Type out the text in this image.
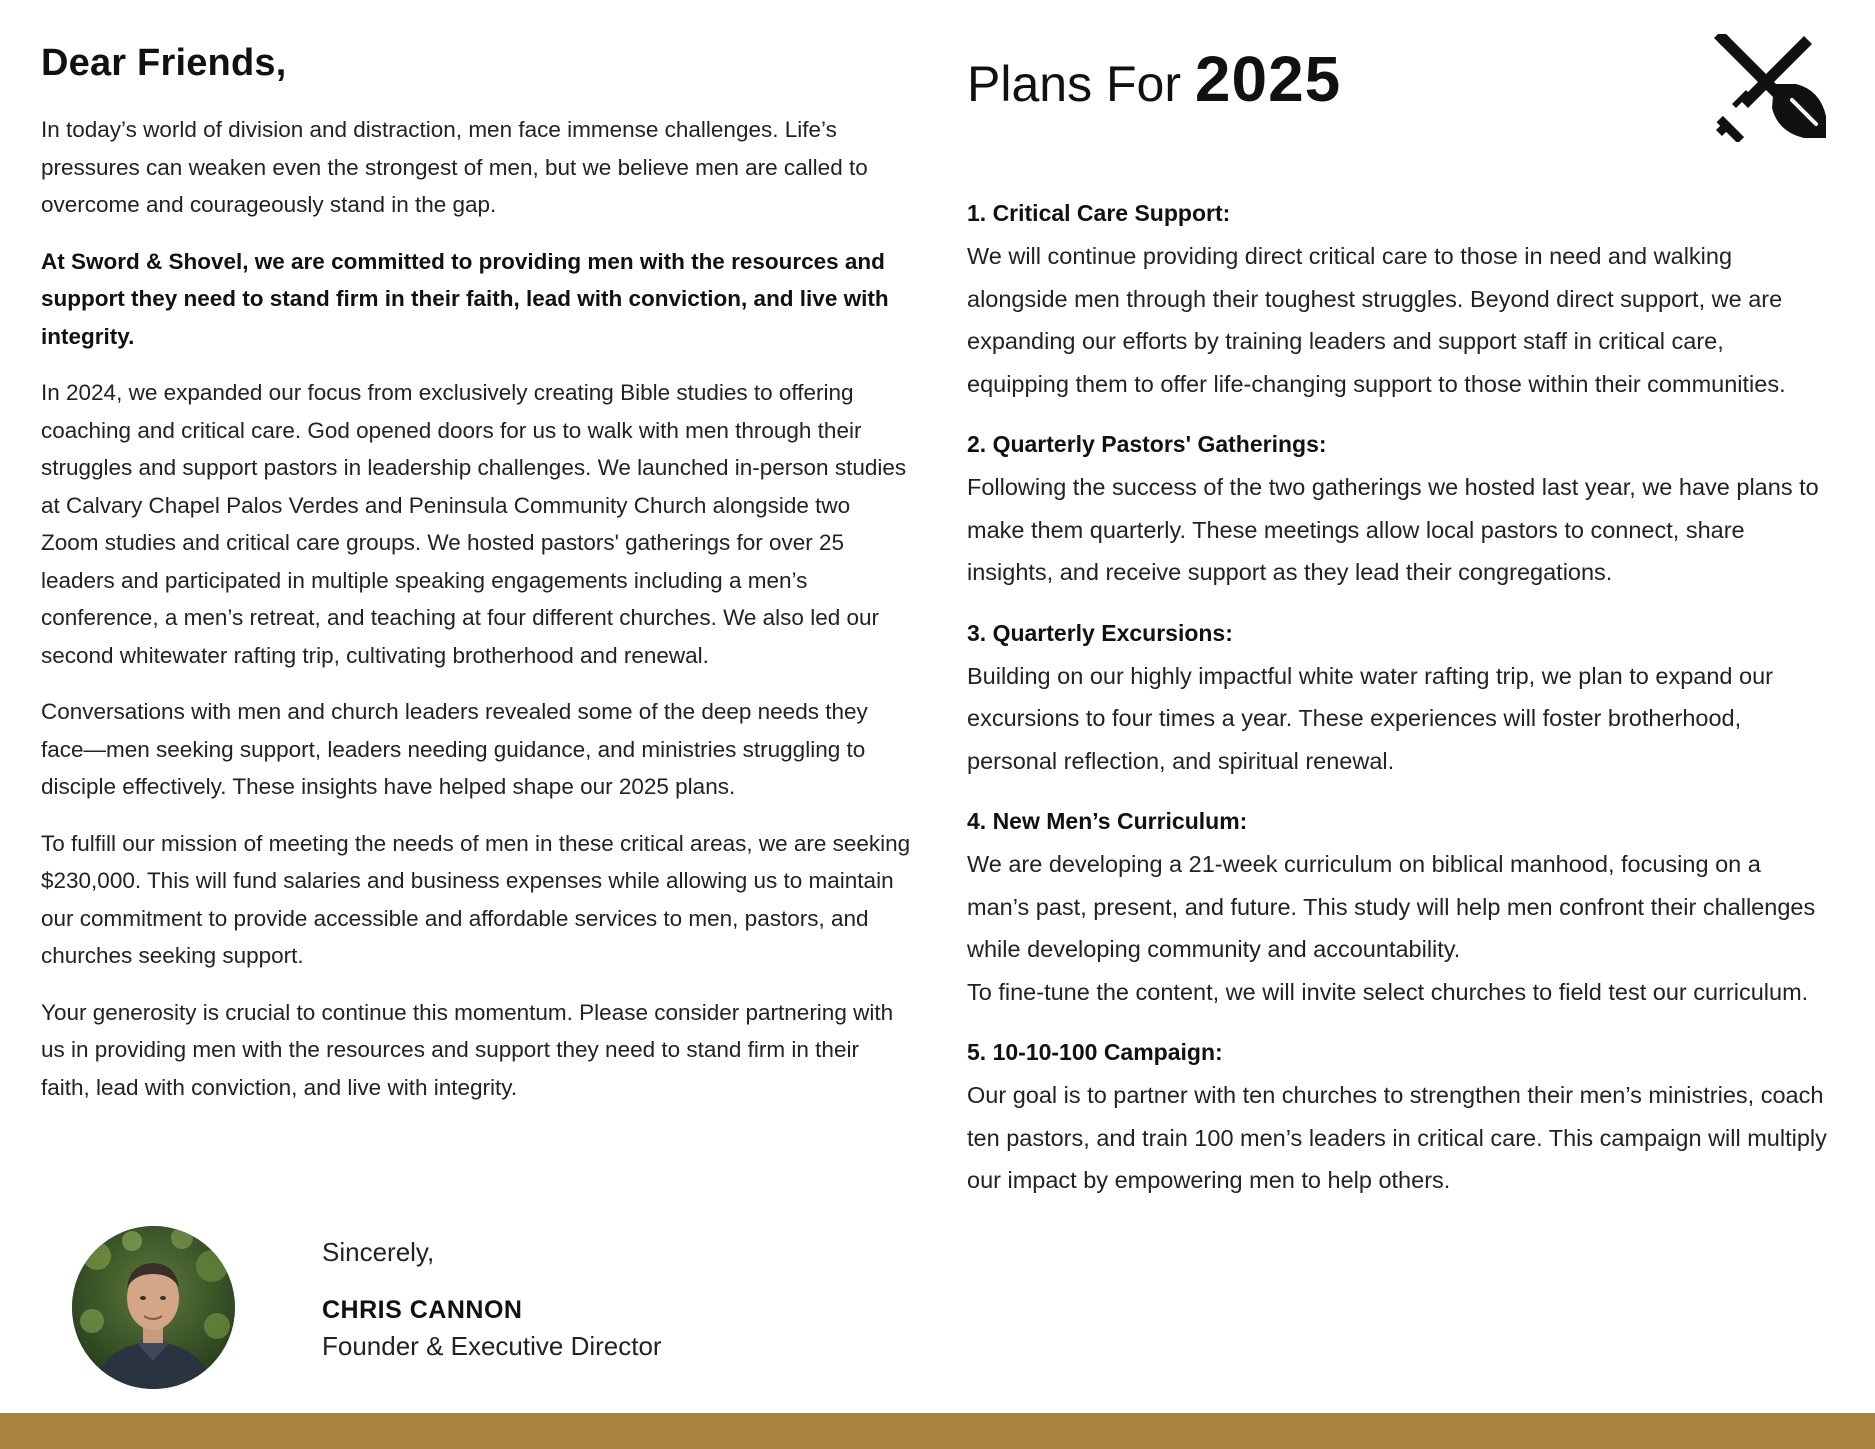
Dear Friends,

In today’s world of division and distraction, men face immense challenges. Life’s pressures can weaken even the strongest of men, but we believe men are called to overcome and courageously stand in the gap.

At Sword & Shovel, we are committed to providing men with the resources and support they need to stand firm in their faith, lead with conviction, and live with integrity.

In 2024, we expanded our focus from exclusively creating Bible studies to offering coaching and critical care. God opened doors for us to walk with men through their struggles and support pastors in leadership challenges. We launched in-person studies at Calvary Chapel Palos Verdes and Peninsula Community Church alongside two Zoom studies and critical care groups. We hosted pastors' gatherings for over 25 leaders and participated in multiple speaking engagements including a men’s conference, a men’s retreat, and teaching at four different churches. We also led our second whitewater rafting trip, cultivating brotherhood and renewal.

Conversations with men and church leaders revealed some of the deep needs they face—men seeking support, leaders needing guidance, and ministries struggling to disciple effectively. These insights have helped shape our 2025 plans.

To fulfill our mission of meeting the needs of men in these critical areas, we are seeking $230,000. This will fund salaries and business expenses while allowing us to maintain our commitment to provide accessible and affordable services to men, pastors, and churches seeking support.

Your generosity is crucial to continue this momentum. Please consider partnering with us in providing men with the resources and support they need to stand firm in their faith, lead with conviction, and live with integrity.

Sincerely,

CHRIS CANNON

Founder & Executive Director

Plans For 2025

1. Critical Care Support:

We will continue providing direct critical care to those in need and walking alongside men through their toughest struggles. Beyond direct support, we are expanding our efforts by training leaders and support staff in critical care, equipping them to offer life-changing support to those within their communities.

2. Quarterly Pastors' Gatherings:

Following the success of the two gatherings we hosted last year, we have plans to make them quarterly. These meetings allow local pastors to connect, share insights, and receive support as they lead their congregations.

3. Quarterly Excursions:

Building on our highly impactful white water rafting trip, we plan to expand our excursions to four times a year. These experiences will foster brotherhood, personal reflection, and spiritual renewal.

4. New Men’s Curriculum:

We are developing a 21-week curriculum on biblical manhood, focusing on a man’s past, present, and future. This study will help men confront their challenges while developing community and accountability.

To fine-tune the content, we will invite select churches to field test our curriculum.

5. 10-10-100 Campaign:

Our goal is to partner with ten churches to strengthen their men’s ministries, coach ten pastors, and train 100 men’s leaders in critical care. This campaign will multiply our impact by empowering men to help others.
